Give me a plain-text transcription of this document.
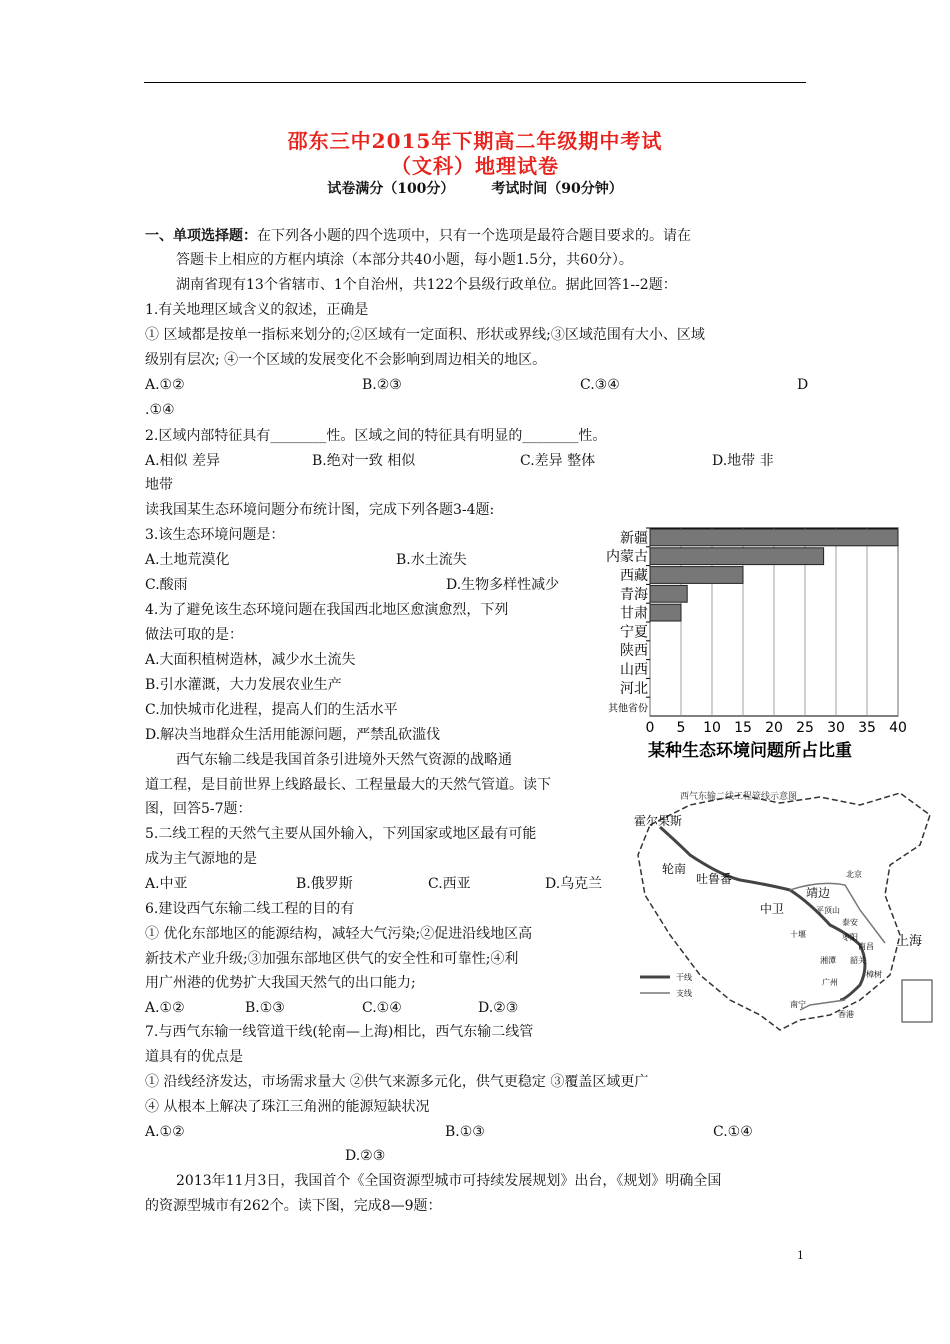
邵东三中2015年下期高二年级期中考试
（文科）地理试卷
试卷满分（100分）	考试时间（90分钟）
一、单项选择题：在下列各小题的四个选项中，只有一个选项是最符合题目要求的。请在
答题卡上相应的方框内填涂（本部分共40小题，每小题1.5分，共60分）。
湖南省现有13个省辖市、1个自治州，共122个县级行政单位。据此回答1--2题：
1.有关地理区域含义的叙述，正确是
① 区域都是按单一指标来划分的;②区域有一定面积、形状或界线;③区域范围有大小、区域
级别有层次; ④一个区域的发展变化不会影响到周边相关的地区。
A.①②	B.②③	C.③④	D
.①④
2.区域内部特征具有________性。区域之间的特征具有明显的________性。
A.相似 差异	B.绝对一致 相似	C.差异 整体	D.地带 非
地带
读我国某生态环境问题分布统计图，完成下列各题3-4题:
3.该生态环境问题是：
A.土地荒漠化	B.水土流失
C.酸雨	D.生物多样性减少
4.为了避免该生态环境问题在我国西北地区愈演愈烈，下列
做法可取的是：
A.大面积植树造林，减少水土流失
B.引水灌溉，大力发展农业生产
C.加快城市化进程，提高人们的生活水平
D.解决当地群众生活用能源问题，严禁乱砍滥伐
西气东输二线是我国首条引进境外天然气资源的战略通
道工程，是目前世界上线路最长、工程量最大的天然气管道。读下
图，回答5-7题：
5.二线工程的天然气主要从国外输入，下列国家或地区最有可能
成为主气源地的是
A.中亚	B.俄罗斯	C.西亚	D.乌克兰
6.建设西气东输二线工程的目的有
① 优化东部地区的能源结构，减轻大气污染;②促进沿线地区高
新技术产业升级;③加强东部地区供气的安全性和可靠性;④利
用广州港的优势扩大我国天然气的出口能力;
A.①②	B.①③	C.①④	D.②③
7.与西气东输一线管道干线(轮南—上海)相比，西气东输二线管
道具有的优点是
① 沿线经济发达，市场需求量大 ②供气来源多元化，供气更稳定 ③覆盖区域更广
④ 从根本上解决了珠江三角洲的能源短缺状况
A.①②	B.①③	C.①④
D.②③
2013年11月3日，我国首个《全国资源型城市可持续发展规划》出台，《规划》明确全国
的资源型城市有262个。读下图，完成8—9题：
1
新疆
内蒙古
西藏
青海
甘肃
宁夏
陕西
山西
河北
其他省份
0 5 10 15 20 25 30 35 40
某种生态环境问题所占比重
西气东输二线工程管线示意图
霍尔果斯
轮南
吐鲁番
靖边
中卫
北京
上海
平顶山
泰安
枣阳
十堰
南昌
湘潭 韶关
樟树
广州
南宁
香港
干线
支线
